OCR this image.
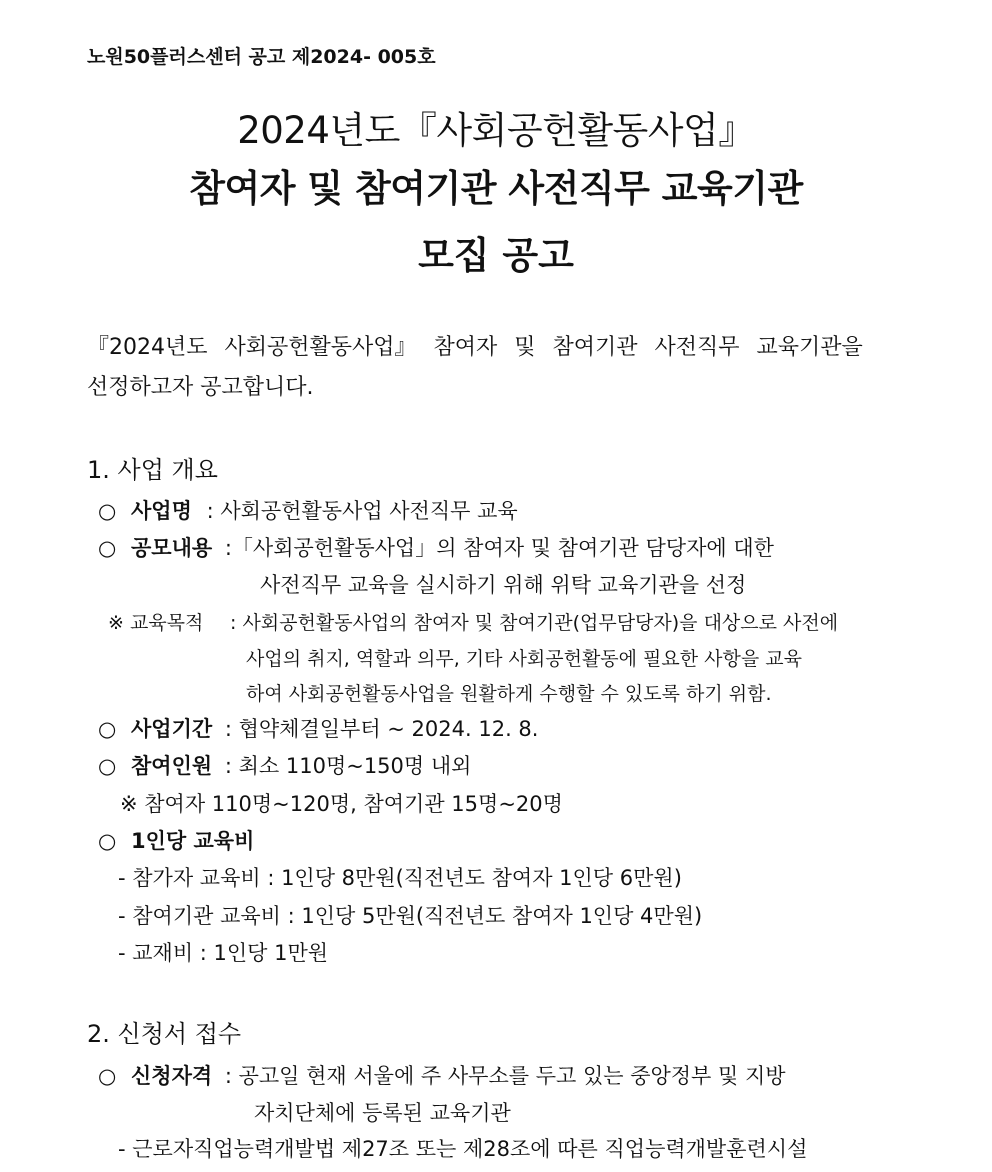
노원50플러스센터 공고 제2024- 005호
2024년도『사회공헌활동사업』
참여자 및 참여기관 사전직무 교육기관
모집 공고
『2024년도 사회공헌활동사업』 참여자 및 참여기관 사전직무 교육기관을
선정하고자 공고합니다.
1. 사업 개요
○ 사업명 : 사회공헌활동사업 사전직무 교육
○ 공모내용 :「사회공헌활동사업」의 참여자 및 참여기관 담당자에 대한
사전직무 교육을 실시하기 위해 위탁 교육기관을 선정
※ 교육목적 : 사회공헌활동사업의 참여자 및 참여기관(업무담당자)을 대상으로 사전에
사업의 취지, 역할과 의무, 기타 사회공헌활동에 필요한 사항을 교육
하여 사회공헌활동사업을 원활하게 수행할 수 있도록 하기 위함.
○ 사업기간 : 협약체결일부터 ~ 2024. 12. 8.
○ 참여인원 : 최소 110명~150명 내외
※ 참여자 110명~120명, 참여기관 15명~20명
○ 1인당 교육비
- 참가자 교육비 : 1인당 8만원(직전년도 참여자 1인당 6만원)
- 참여기관 교육비 : 1인당 5만원(직전년도 참여자 1인당 4만원)
- 교재비 : 1인당 1만원
2. 신청서 접수
○ 신청자격 : 공고일 현재 서울에 주 사무소를 두고 있는 중앙정부 및 지방
자치단체에 등록된 교육기관
- 근로자직업능력개발법 제27조 또는 제28조에 따른 직업능력개발훈련시설
